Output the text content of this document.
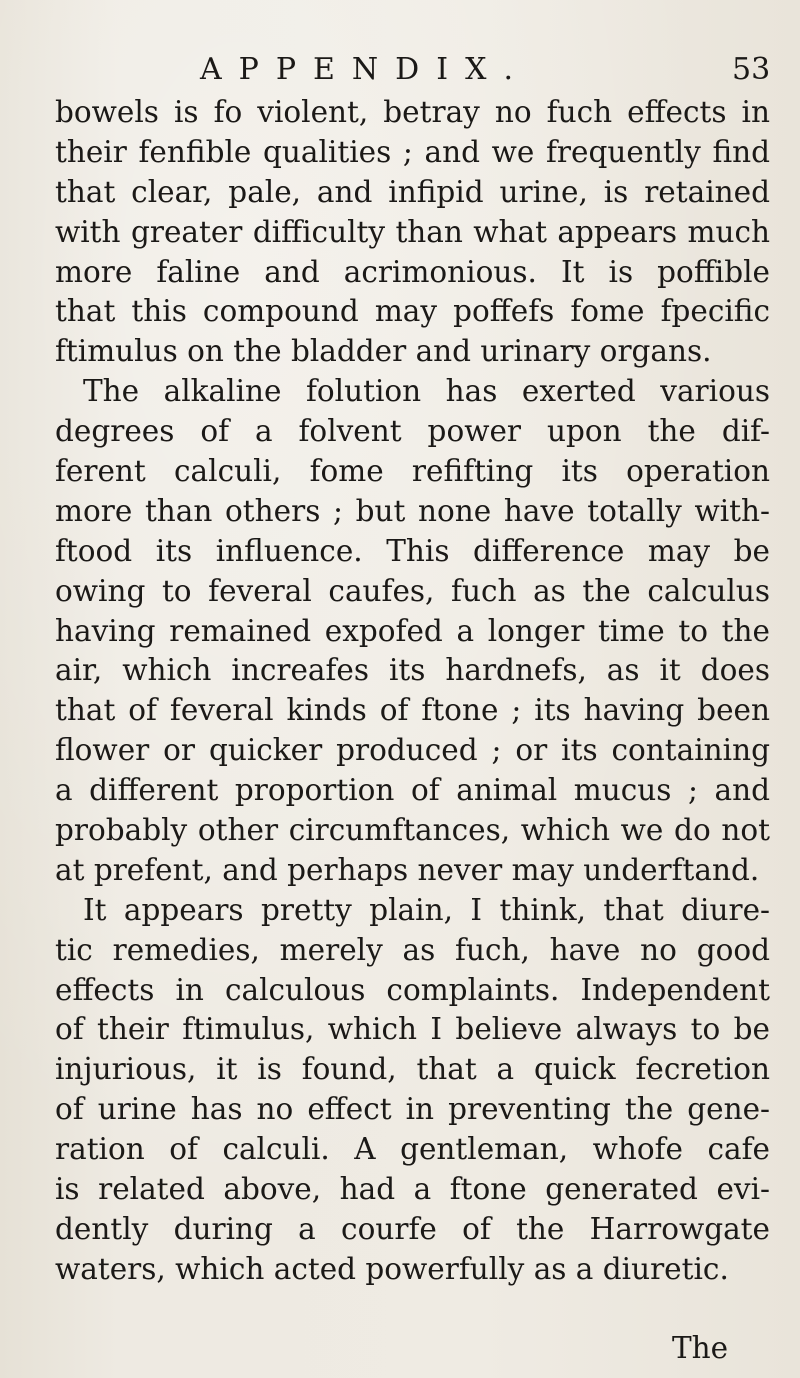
APPENDIX.	53
bowels is fo violent, betray no fuch effects in
their fenfible qualities ; and we frequently find
that clear, pale, and infipid urine, is retained
with greater difficulty than what appears much
more faline and acrimonious. It is poffible
that this compound may poffefs fome fpecific
ftimulus on the bladder and urinary organs.
The alkaline folution has exerted various
degrees of a folvent power upon the dif-
ferent calculi, fome refifting its operation
more than others ; but none have totally with-
ftood its influence. This difference may be
owing to feveral caufes, fuch as the calculus
having remained expofed a longer time to the
air, which increafes its hardnefs, as it does
that of feveral kinds of ftone ; its having been
flower or quicker produced ; or its containing
a different proportion of animal mucus ; and
probably other circumftances, which we do not
at prefent, and perhaps never may underftand.
It appears pretty plain, I think, that diure-
tic remedies, merely as fuch, have no good
effects in calculous complaints. Independent
of their ftimulus, which I believe always to be
injurious, it is found, that a quick fecretion
of urine has no effect in preventing the gene-
ration of calculi. A gentleman, whofe cafe
is related above, had a ftone generated evi-
dently during a courfe of the Harrowgate
waters, which acted powerfully as a diuretic.
The
